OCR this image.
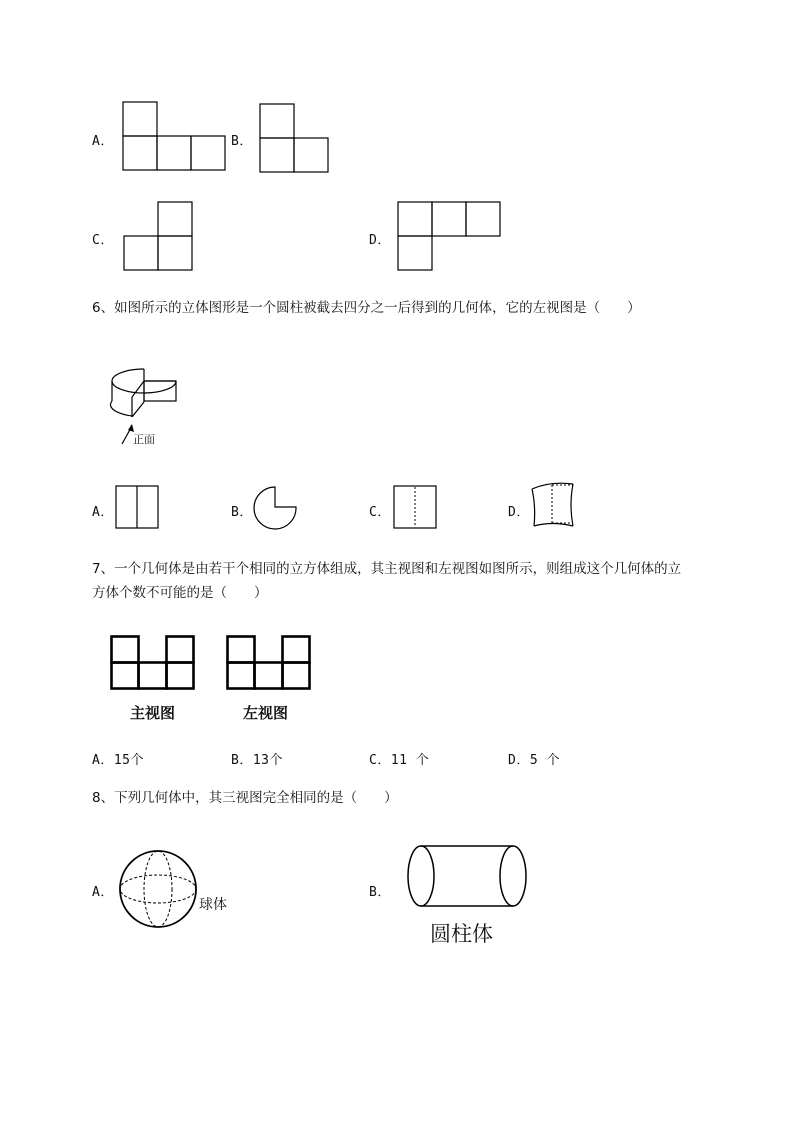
A．	B．
C．	D．
6、如图所示的立体图形是一个圆柱被截去四分之一后得到的几何体，它的左视图是（　　）
正面
A．	B．	C．	D．
7、一个几何体是由若干个相同的立方体组成，其主视图和左视图如图所示，则组成这个几何体的立
方体个数不可能的是（　　）
主视图	左视图
A．15个	B．13个	C．11 个	D．5 个
8、下列几何体中，其三视图完全相同的是（　　）
A．
球体
B．
圆柱体
